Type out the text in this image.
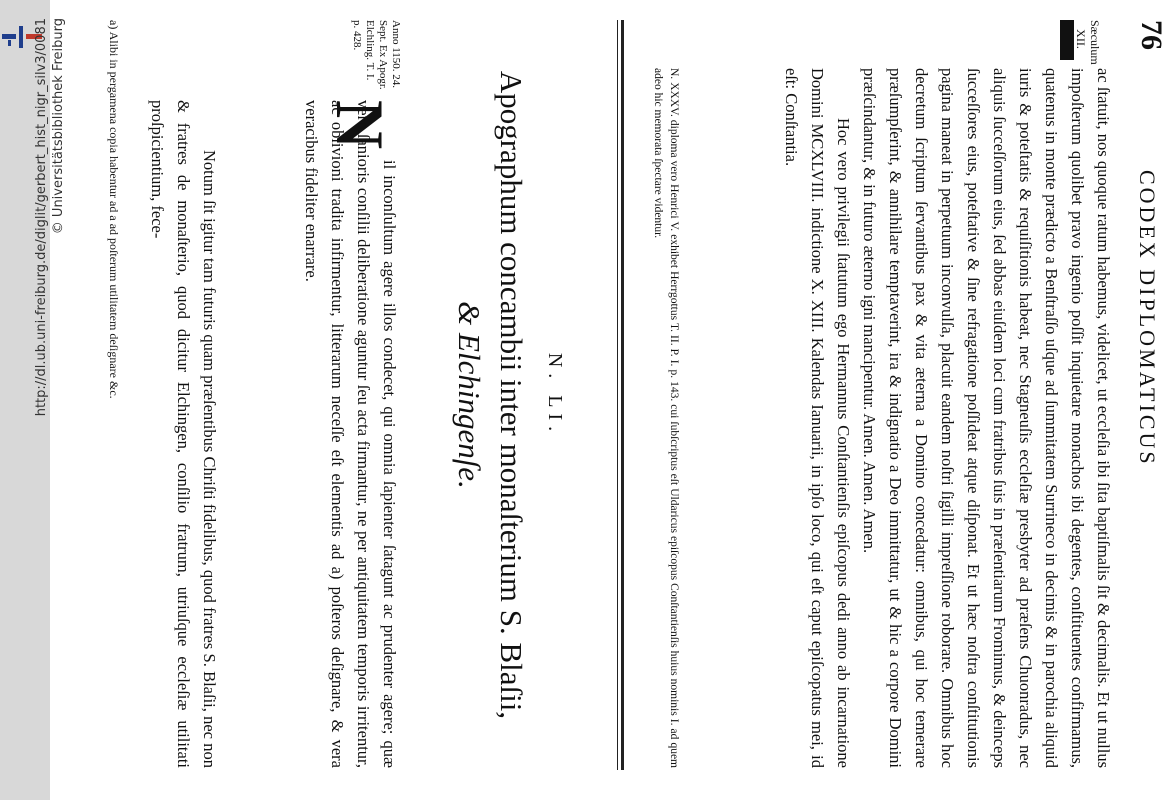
http://dl.ub.uni-freiburg.de/diglit/gerbert_hist_nigr_silv3/0081 © Universitätsbibliothek Freiburg	76
CODEX DIPLOMATICUS
Sæculum XII.

ac ſtatuit, nos quoque ratum habemus, videlicet, ut eccleſia ibi ſita baptiſmalis ſit & decimalis. Et ut nullus impoſterum quolibet pravo ingenio poſſit inquietare monachos ibi degentes, conſtituentes confirmamus, quatenus in monte prædicto a Benſtraſſo uſque ad ſummitatem Surrineco in decimis & in parochia aliquid iuris & poteſtatis & requiſitionis habeat, nec Stagneuſis eccleſiæ presbyter ad præſens Chuonradus, nec aliquis ſucceſſorum eius, ſed abbas eiuſdem loci cum fratribus ſuis in præſentiarum Fromimus, & deinceps ſucceſſores eius, poteſtative & ſine refragatione poſſideat atque diſponat. Et ut hæc noſtra conſtitutionis pagina maneat in perpetuum inconvulſa, placuit eandem noſtri ſigilli impreſſione roborare. Omnibus hoc decretum ſcriptum ſervantibus pax & vita æterna a Domino concedatur: omnibus, qui hoc temerare præſumpſerint, & annihilare temptaverint, ira & indignatio a Deo immittatur, ut & hic a corpore Domini præſcindantur, & in futuro æterno igni mancipentur. Amen. Amen. Amen.

Hoc vero privilegii ſtatutum ego Hermannus Conſtantienſis epiſcopus dedi anno ab incarnatione Domini MCXLVIII. indictione X. XIII. Kalendas Ianuarii, in ipſo loco, qui eſt caput epiſcopatus mei, id eſt: Conſtantia.

N. XXXV. diploma vero Henrici V. exhibet Herrgottus T. II. P. I. p. 143. cui ſubſcriptus eſt Uldaricus epiſcopus Conſtantienſis huius nominis I. ad quem adeo hic memorata ſpectare videntur.
N. LI.
Apographum concambii inter monaſterium S. Blaſii,
& Elchingenſe.
Anno 1150. 24. Sept. Ex Apogr. Elchling. T. I. p. 428.
N
il inconſultum agere illos condecet, qui omnia ſapienter ſatagunt ac prudenter agere; quæ vero ſanioris conſilii deliberatione aguntur ſeu acta firmantur, ne per antiquitatem temporis irritentur, ac oblivioni tradita infirmentur, litterarum neceſſe eſt elementis ad a) poſteros deſignare, & vera veracibus fideliter enarrare.
Notum ſit igitur tam futuris quam præſentibus Chriſti fidelibus, quod fratres S. Blaſii, nec non & fratres de monaſterio, quod dicitur Elchingen, conſilio fratrum, utriuſque eccleſiæ utilitati proſpicientium, fece-
a) Alibi in pergamena copia habentur ad a ad poſterum utilitatem deſignare &c.
